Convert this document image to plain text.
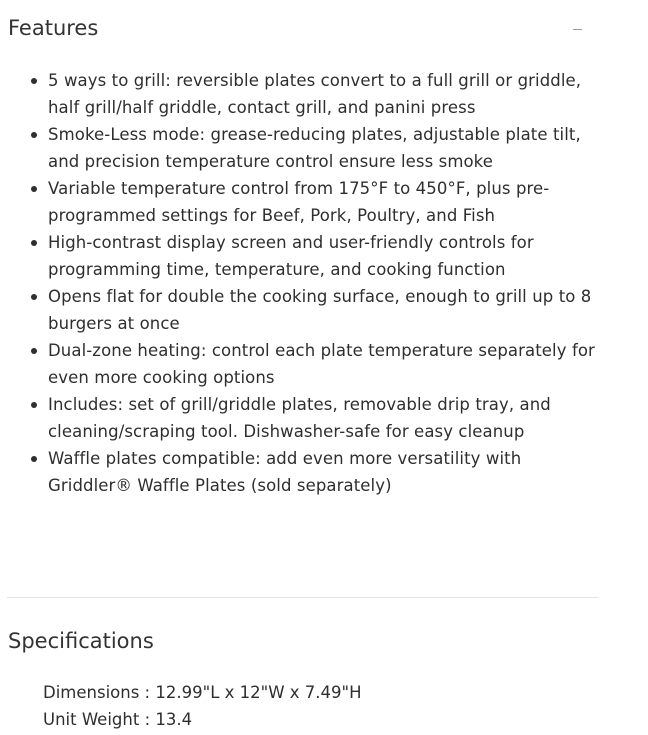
Features
5 ways to grill: reversible plates convert to a full grill or griddle, half grill/half griddle, contact grill, and panini press
Smoke-Less mode: grease-reducing plates, adjustable plate tilt, and precision temperature control ensure less smoke
Variable temperature control from 175°F to 450°F, plus pre-programmed settings for Beef, Pork, Poultry, and Fish
High-contrast display screen and user-friendly controls for programming time, temperature, and cooking function
Opens flat for double the cooking surface, enough to grill up to 8 burgers at once
Dual-zone heating: control each plate temperature separately for even more cooking options
Includes: set of grill/griddle plates, removable drip tray, and cleaning/scraping tool. Dishwasher-safe for easy cleanup
Waffle plates compatible: add even more versatility with Griddler® Waffle Plates (sold separately)
Specifications
Dimensions : 12.99"L x 12"W x 7.49"H
Unit Weight : 13.4
